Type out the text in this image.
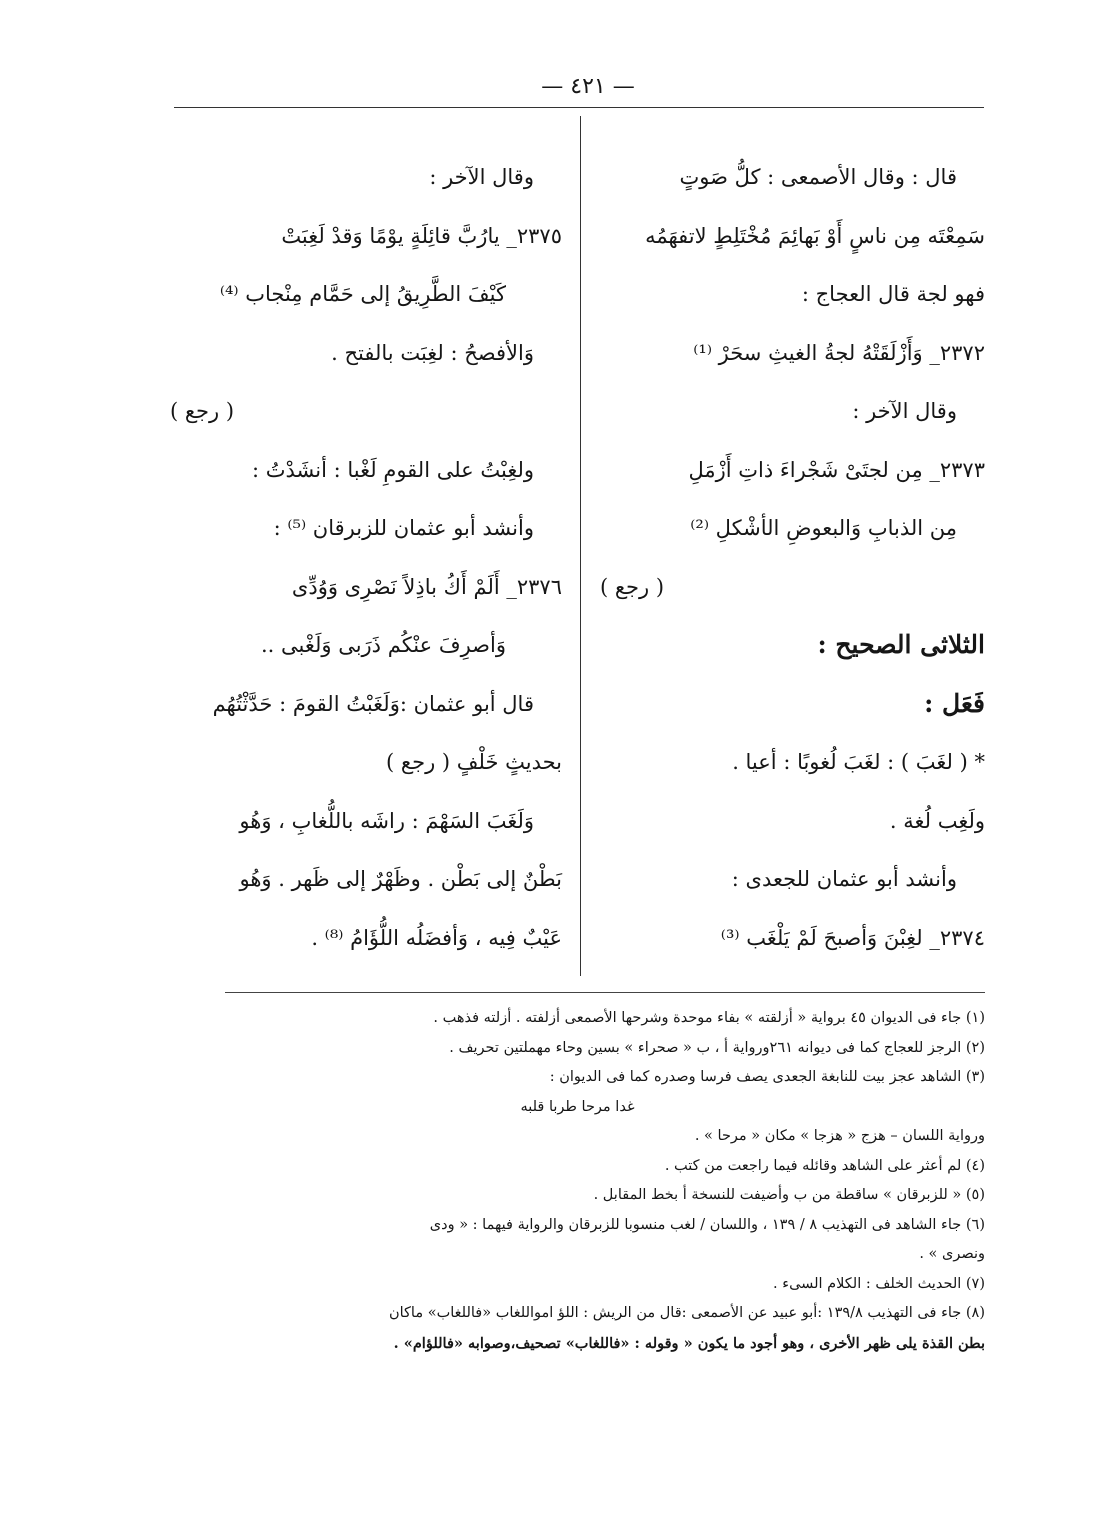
— ٤٢١ —
قال : وقال الأصمعى : كلُّ صَوتٍ
سَمِعْتَه مِن ناسٍ أَوْ بَهائِمَ مُخْتَلِطٍ لاتفهَمُه
فهو لجة قال العجاج :
٢٣٧٢_ وَأَزْلَقَتْهُ لجةُ الغيثِ سحَرْ ⁽¹⁾
وقال الآخر :
٢٣٧٣_ مِن لجتَىْ شَجْراءَ ذاتِ أَزْمَلِ
مِن الذبابِ وَالبعوضِ الأشْكلِ ⁽²⁾
( رجع )
الثلاثى الصحيح :
فَعَل :
* ( لغَبَ ) : لغَبَ لُغوبًا : أعيا .
ولَغِب لُغة .
وأنشد أبو عثمان للجعدى :
٢٣٧٤_ لغِبْنَ وَأصبحَ لَمْ يَلْغَب ⁽³⁾
وقال الآخر :
٢٣٧٥_ يارُبَّ قائِلَةٍ يوْمًا وَقدْ لَغِبَتْ
كَيْفَ الطَّرِيقُ إلى حَمَّام مِنْجاب ⁽⁴⁾
وَالأفصحُ : لغِبَت بالفتح .
( رجع )
ولغِبْتُ على القومِ لَغْبا : أنشَدْتُ :
وأنشد أبو عثمان للزبرقان ⁽⁵⁾ :
٢٣٧٦_ أَلَمْ أَكُ باذِلاً نَصْرِى وَوُدِّى
وَأصرِفَ عنْكُم ذَرَبى وَلَغْبى ..
قال أبو عثمان :وَلَغَبْتُ القومَ : حَدَّثْتُهُم
بحديثٍ خَلْفٍ ( رجع )
وَلَغَبَ السَهْمَ : راشَه باللُّغابِ ، وَهُو
بَطْنٌ إلى بَطْن . وظَهْرٌ إلى ظَهر . وَهُو
عَيْبٌ فِيه ، وَأفضَلُه اللُّؤَامُ ⁽⁸⁾ .
(١) جاء فى الديوان ٤٥ برواية « أزلقته » بفاء موحدة وشرحها الأصمعى أزلفته . أزلته فذهب .
(٢) الرجز للعجاج كما فى ديوانه ٢٦١ورواية أ ، ب « صحراء » بسين وحاء مهملتين تحريف .
(٣) الشاهد عجز بيت للنابغة الجعدى يصف فرسا وصدره كما فى الديوان :
غدا مرحا طربا قلبه
ورواية اللسان – هزج « هزجا » مكان « مرحا » .
(٤) لم أعثر على الشاهد وقائله فيما راجعت من كتب .
(٥) « للزبرقان » ساقطة من ب وأضيفت للنسخة أ بخط المقابل .
(٦) جاء الشاهد فى التهذيب ٨ / ١٣٩ ، واللسان / لغب منسوبا للزبرقان والرواية فيهما : « ودى
ونصرى » .
(٧) الحديث الخلف : الكلام السىء .
(٨) جاء فى التهذيب ١٣٩/٨ :أبو عبيد عن الأصمعى :قال من الريش : اللؤ امواللغاب «فاللغاب» ماكان
بطن القذة يلى ظهر الأخرى ، وهو أجود ما يكون « وقوله : «فاللغاب» تصحيف،وصوابه «فاللؤام» .
